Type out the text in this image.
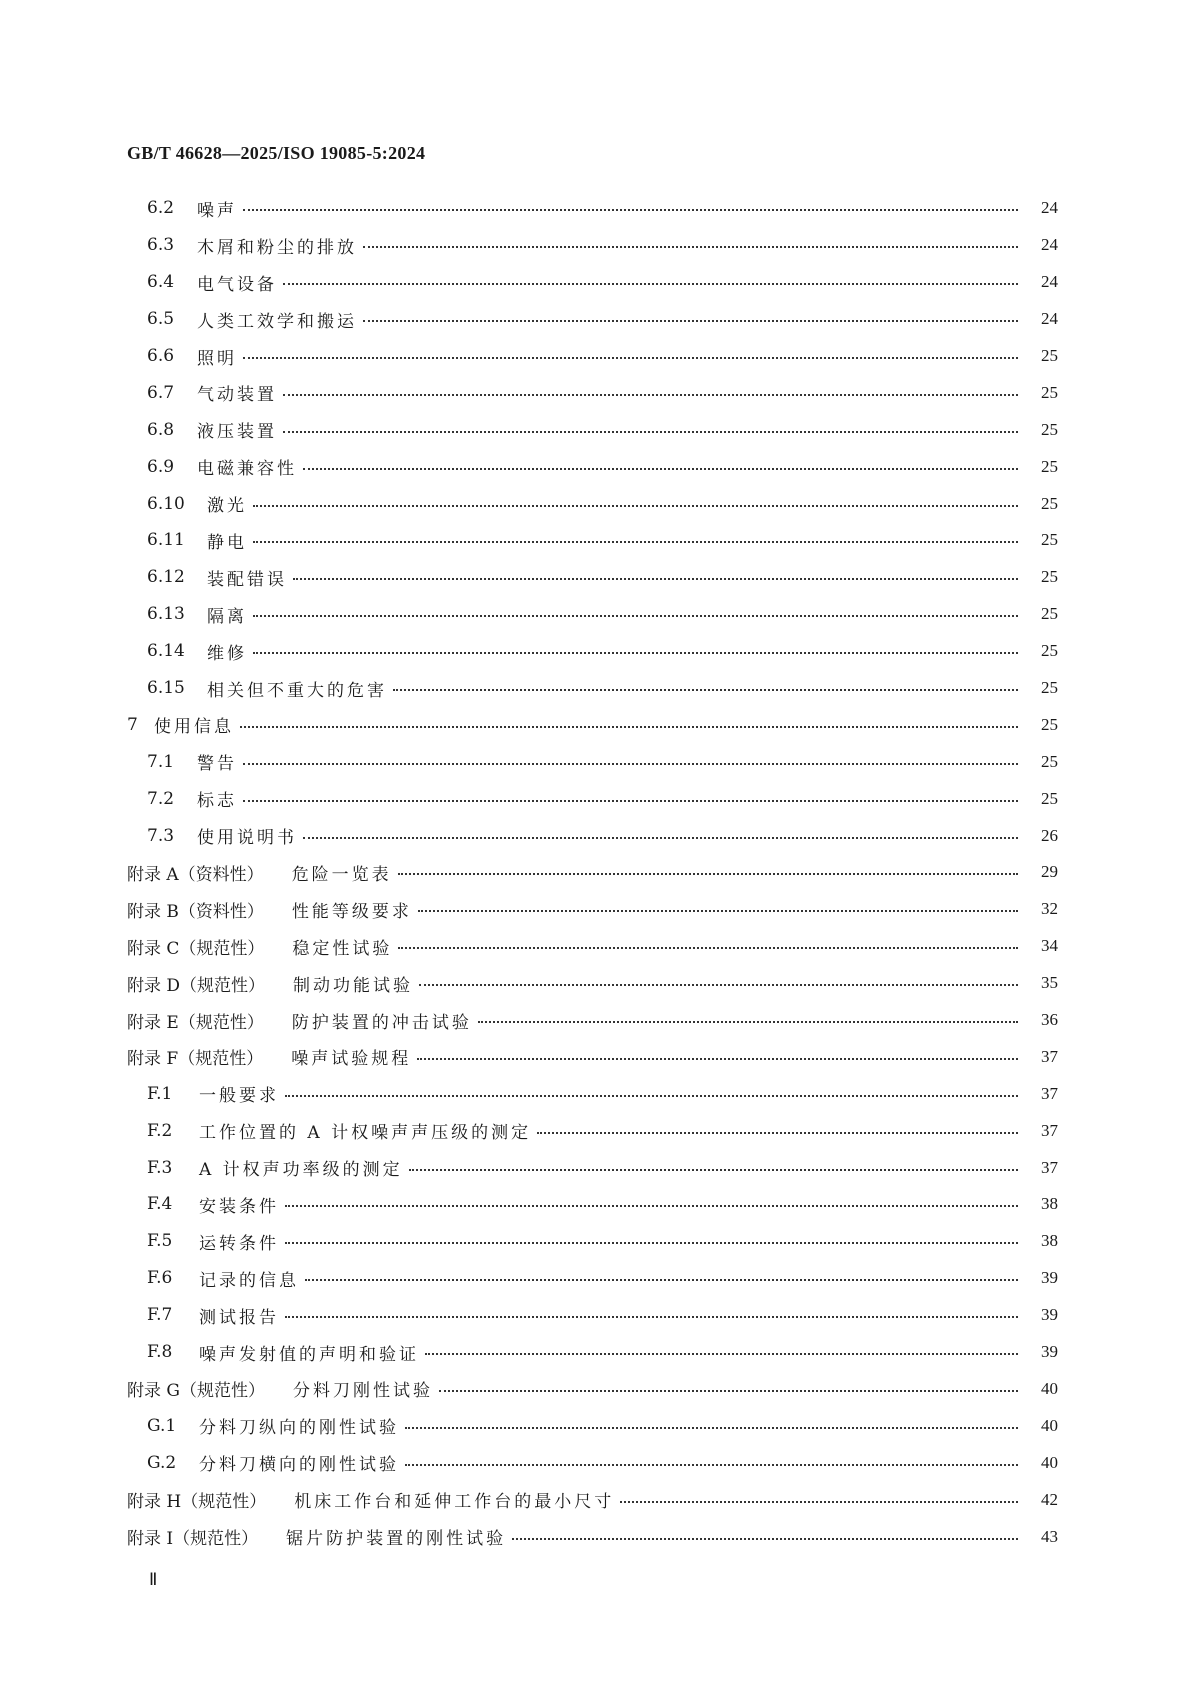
GB/T 46628—2025/ISO 19085-5:2024
6.2	噪声	24
6.3	木屑和粉尘的排放	24
6.4	电气设备	24
6.5	人类工效学和搬运	24
6.6	照明	25
6.7	气动装置	25
6.8	液压装置	25
6.9	电磁兼容性	25
6.10	激光	25
6.11	静电	25
6.12	装配错误	25
6.13	隔离	25
6.14	维修	25
6.15	相关但不重大的危害	25
7 使用信息	25
7.1	警告	25
7.2	标志	25
7.3	使用说明书	26
附录 A（资料性） 危险一览表	29
附录 B（资料性） 性能等级要求	32
附录 C（规范性） 稳定性试验	34
附录 D（规范性） 制动功能试验	35
附录 E（规范性） 防护装置的冲击试验	36
附录 F（规范性） 噪声试验规程	37
F.1	一般要求	37
F.2	工作位置的 A 计权噪声声压级的测定	37
F.3	A 计权声功率级的测定	37
F.4	安装条件	38
F.5	运转条件	38
F.6	记录的信息	39
F.7	测试报告	39
F.8	噪声发射值的声明和验证	39
附录 G（规范性） 分料刀刚性试验	40
G.1	分料刀纵向的刚性试验	40
G.2	分料刀横向的刚性试验	40
附录 H（规范性） 机床工作台和延伸工作台的最小尺寸	42
附录 I（规范性） 锯片防护装置的刚性试验	43
Ⅱ
